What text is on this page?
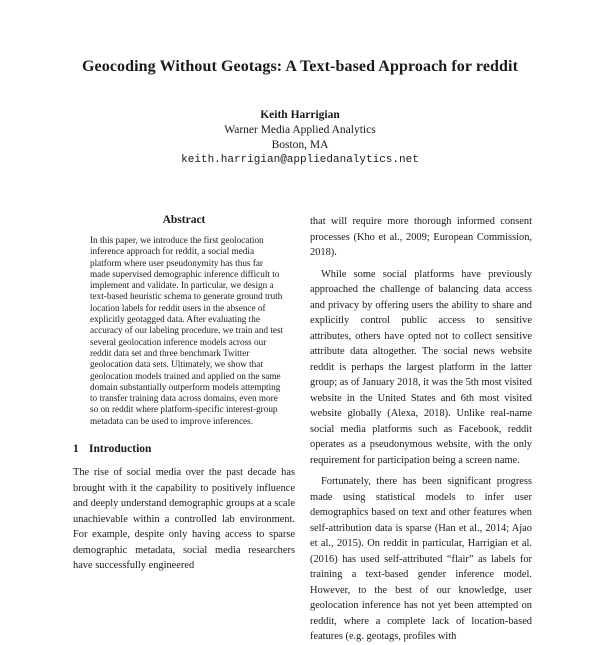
Geocoding Without Geotags: A Text-based Approach for reddit
Keith Harrigian
Warner Media Applied Analytics
Boston, MA
keith.harrigian@appliedanalytics.net
Abstract
In this paper, we introduce the first geolocation inference approach for reddit, a social media platform where user pseudonymity has thus far made supervised demographic inference difficult to implement and validate. In particular, we design a text-based heuristic schema to generate ground truth location labels for reddit users in the absence of explicitly geotagged data. After evaluating the accuracy of our labeling procedure, we train and test several geolocation inference models across our reddit data set and three benchmark Twitter geolocation data sets. Ultimately, we show that geolocation models trained and applied on the same domain substantially outperform models attempting to transfer training data across domains, even more so on reddit where platform-specific interest-group metadata can be used to improve inferences.
1 Introduction

The rise of social media over the past decade has brought with it the capability to positively influence and deeply understand demographic groups at a scale unachievable within a controlled lab environment. For example, despite only having access to sparse demographic metadata, social media researchers have successfully engineered

that will require more thorough informed consent processes (Kho et al., 2009; European Commission, 2018).

While some social platforms have previously approached the challenge of balancing data access and privacy by offering users the ability to share and explicitly control public access to sensitive attributes, others have opted not to collect sensitive attribute data altogether. The social news website reddit is perhaps the largest platform in the latter group; as of January 2018, it was the 5th most visited website in the United States and 6th most visited website globally (Alexa, 2018). Unlike real-name social media platforms such as Facebook, reddit operates as a pseudonymous website, with the only requirement for participation being a screen name.

Fortunately, there has been significant progress made using statistical models to infer user demographics based on text and other features when self-attribution data is sparse (Han et al., 2014; Ajao et al., 2015). On reddit in particular, Harrigian et al. (2016) has used self-attributed “flair” as labels for training a text-based gender inference model. However, to the best of our knowledge, user geolocation inference has not yet been attempted on reddit, where a complete lack of location-based features (e.g. geotags, profiles with
